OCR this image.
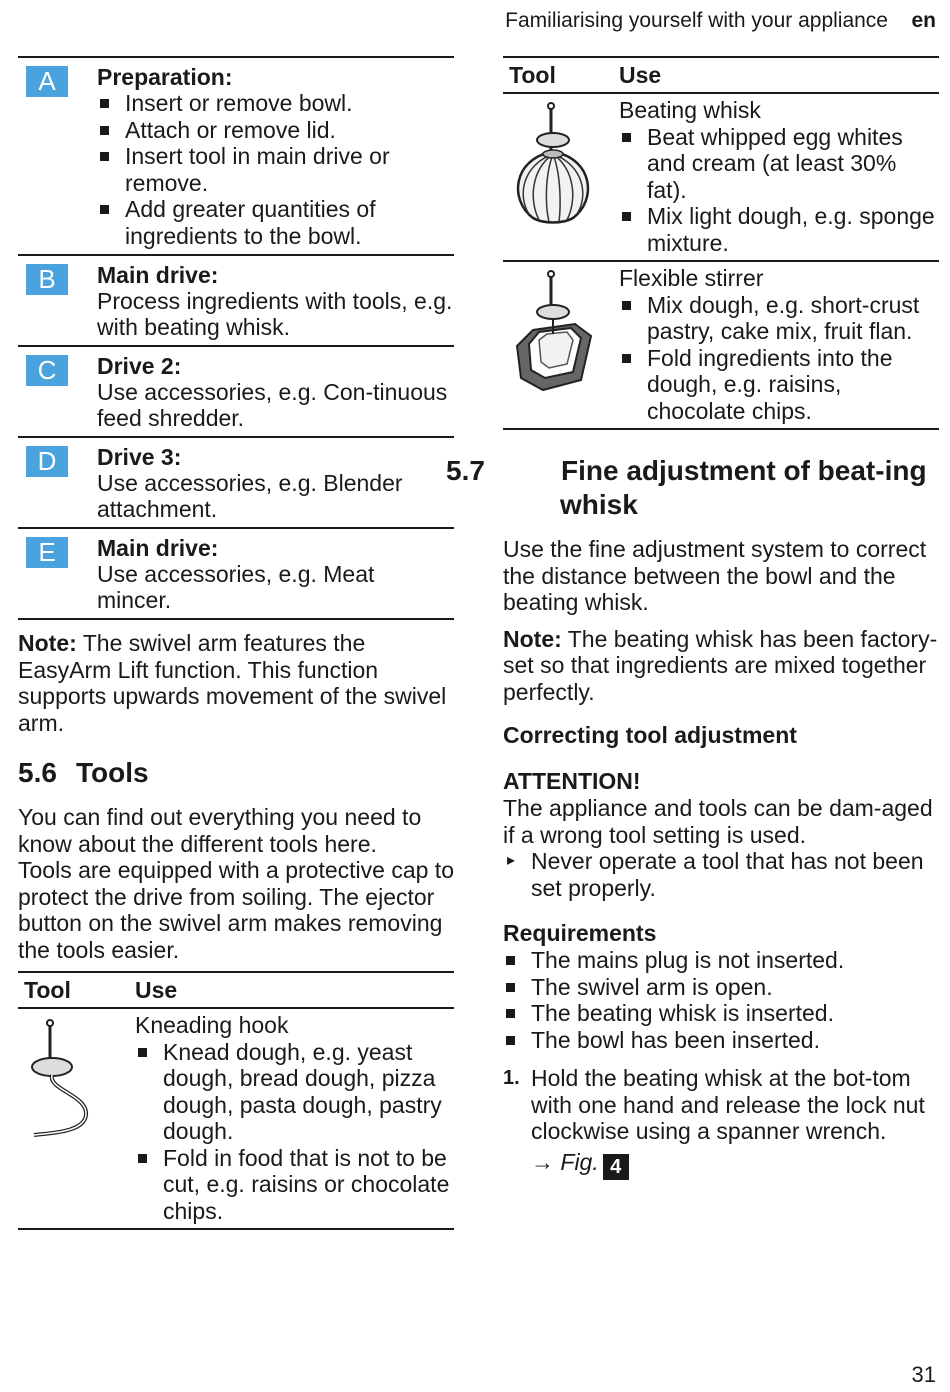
Familiarising yourself with your appliance en
A	Preparation:
Insert or remove bowl.
Attach or remove lid.
Insert tool in main drive or remove.
Add greater quantities of ingredients to the bowl.
B	Main drive:
Process ingredients with tools, e.g. with beating whisk.
C	Drive 2:
Use accessories, e.g. Con-tinuous feed shredder.
D	Drive 3:
Use accessories, e.g. Blender attachment.
E	Main drive:
Use accessories, e.g. Meat mincer.

Note: The swivel arm features the EasyArm Lift function. This function supports upwards movement of the swivel arm.

5.6 Tools

You can find out everything you need to know about the different tools here.

Tools are equipped with a protective cap to protect the drive from soiling. The ejector button on the swivel arm makes removing the tools easier.

Tool	Use
Kneading hook
Knead dough, e.g. yeast dough, bread dough, pizza dough, pasta dough, pastry dough.
Fold in food that is not to be cut, e.g. raisins or chocolate chips.
Tool	Use
Beating whisk
Beat whipped egg whites and cream (at least 30% fat).
Mix light dough, e.g. sponge mixture.
Flexible stirrer
Mix dough, e.g. short-crust pastry, cake mix, fruit flan.
Fold ingredients into the dough, e.g. raisins, chocolate chips.
5.7	Fine adjustment of beat-ing whisk

Use the fine adjustment system to correct the distance between the bowl and the beating whisk.

Note: The beating whisk has been factory-set so that ingredients are mixed together perfectly.

Correcting tool adjustment
ATTENTION!

The appliance and tools can be dam-aged if a wrong tool setting is used.

▸ Never operate a tool that has not been set properly.
Requirements
The mains plug is not inserted.
The swivel arm is open.
The beating whisk is inserted.
The bowl has been inserted.
1. Hold the beating whisk at the bot-tom with one hand and release the lock nut clockwise using a spanner wrench.
→ Fig. 4
31
